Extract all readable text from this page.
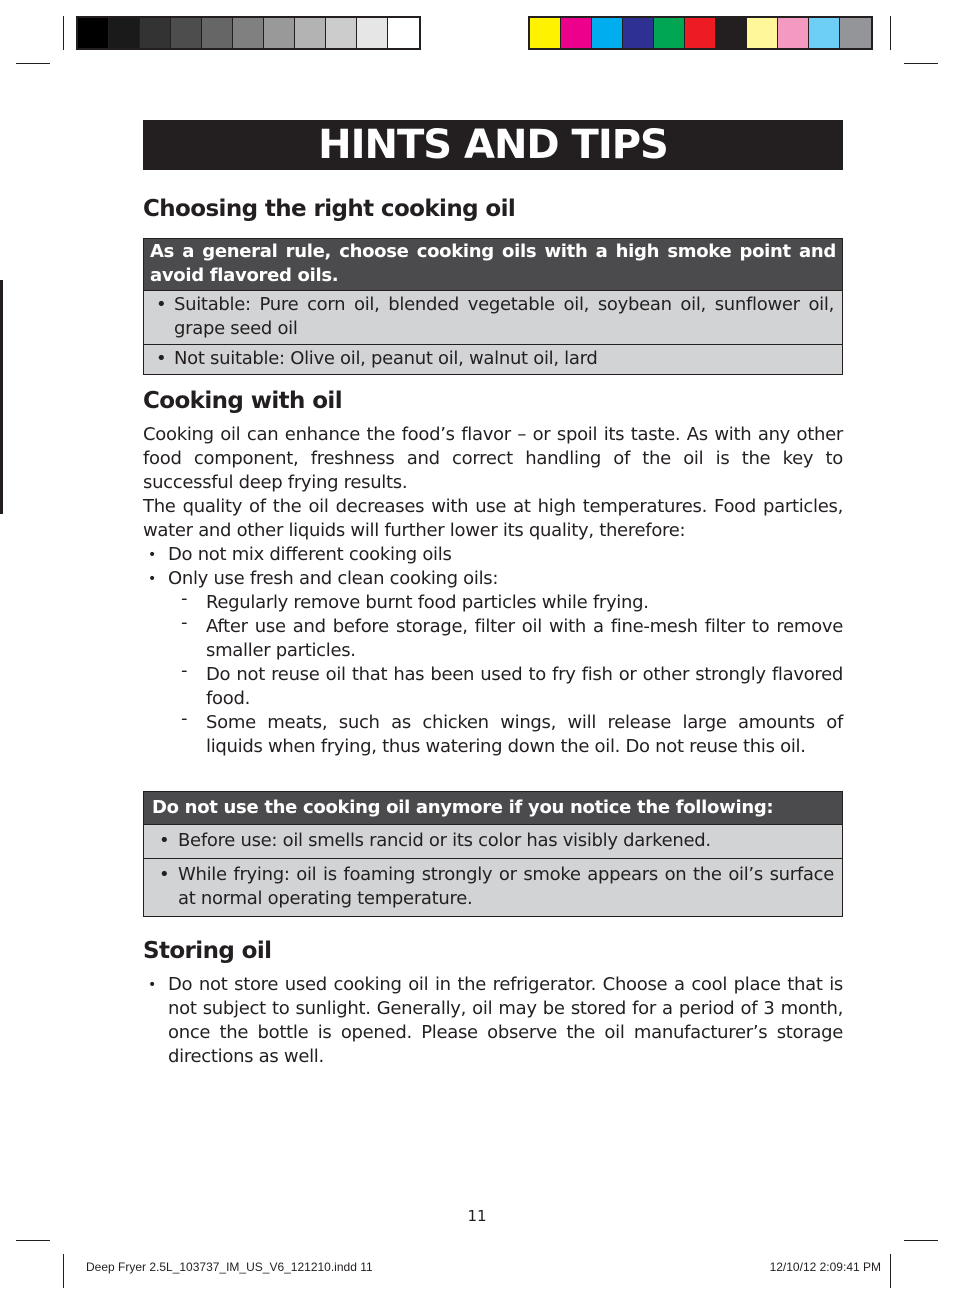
HINTS AND TIPS
Choosing the right cooking oil
As a general rule, choose cooking oils with a high smoke point and avoid flavored oils.
• Suitable: Pure corn oil, blended vegetable oil, soybean oil, sunflower oil, grape seed oil
• Not suitable: Olive oil, peanut oil, walnut oil, lard
Cooking with oil

Cooking oil can enhance the food’s flavor – or spoil its taste. As with any other food component, freshness and correct handling of the oil is the key to successful deep frying results.

The quality of the oil decreases with use at high temperatures. Food particles, water and other liquids will further lower its quality, therefore:

• Do not mix different cooking oils
• Only use fresh and clean cooking oils:
- Regularly remove burnt food particles while frying.
- After use and before storage, filter oil with a fine-mesh filter to remove smaller particles.
- Do not reuse oil that has been used to fry fish or other strongly flavored food.
- Some meats, such as chicken wings, will release large amounts of liquids when frying, thus watering down the oil. Do not reuse this oil.
Do not use the cooking oil anymore if you notice the following:
• Before use: oil smells rancid or its color has visibly darkened.
• While frying: oil is foaming strongly or smoke appears on the oil’s surface at normal operating temperature.
Storing oil
• Do not store used cooking oil in the refrigerator. Choose a cool place that is not subject to sunlight. Generally, oil may be stored for a period of 3 month, once the bottle is opened. Please observe the oil manufacturer’s storage directions as well.
11
Deep Fryer 2.5L_103737_IM_US_V6_121210.indd 11	12/10/12 2:09:41 PM
